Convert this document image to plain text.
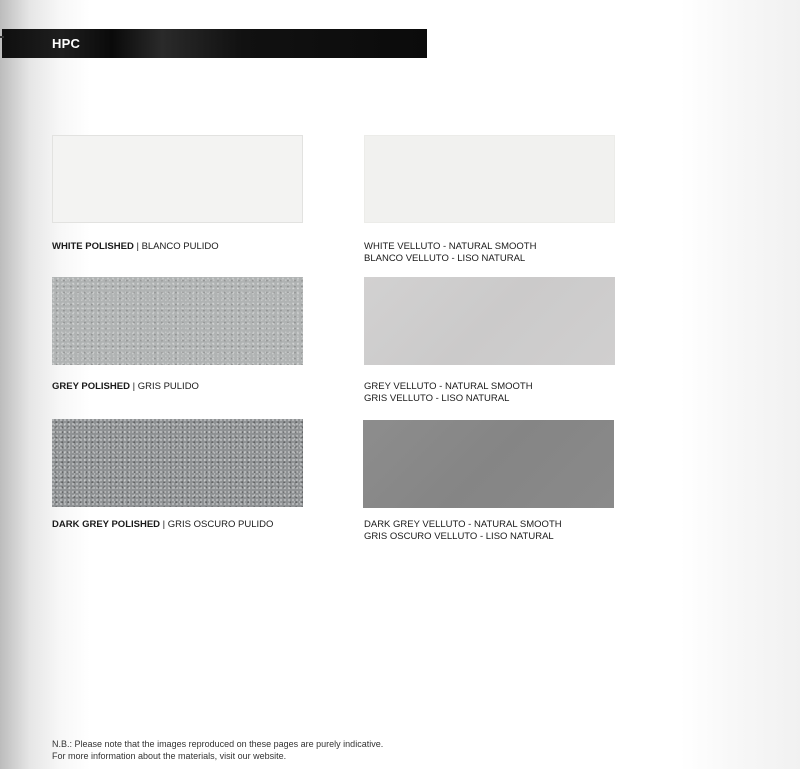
HPC
WHITE POLISHED | BLANCO PULIDO	WHITE VELLUTO - NATURAL SMOOTH
BLANCO VELLUTO - LISO NATURAL
GREY POLISHED | GRIS PULIDO	GREY VELLUTO - NATURAL SMOOTH
GRIS VELLUTO - LISO NATURAL
DARK GREY POLISHED | GRIS OSCURO PULIDO	DARK GREY VELLUTO - NATURAL SMOOTH
GRIS OSCURO VELLUTO - LISO NATURAL
N.B.: Please note that the images reproduced on these pages are purely indicative.
For more information about the materials, visit our website.
